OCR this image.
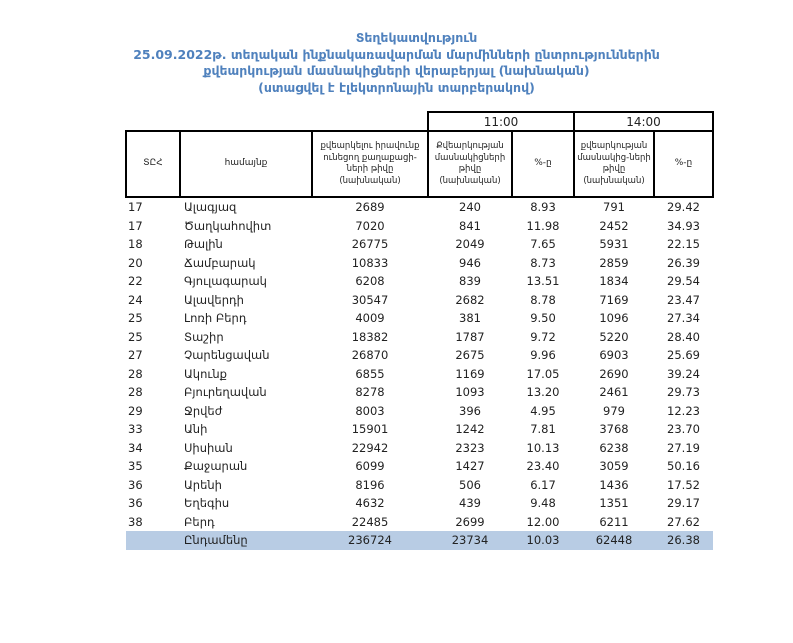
Տեղեկատվություն
25.09.2022թ. տեղական ինքնակառավարման մարմինների ընտրություններին
քվեարկության մասնակիցների վերաբերյալ (նախնական)
(ստացվել է էլեկտրոնային տարբերակով)
			11:00		14:00	
ՏԸՀ	համայնք	քվեարկելու իրավունք ունեցող քաղաքացի-ների թիվը (նախնական)	Քվեարկության մասնակիցների թիվը (նախնական)	%-ը	քվեարկության մասնակից-ների թիվը (նախնական)	%-ը
17	Ալագյազ	2689	240	8.93	791	29.42
17	Ծաղկահովիտ	7020	841	11.98	2452	34.93
18	Թալին	26775	2049	7.65	5931	22.15
20	Ճամբարակ	10833	946	8.73	2859	26.39
22	Գյուլագարակ	6208	839	13.51	1834	29.54
24	Ալավերդի	30547	2682	8.78	7169	23.47
25	Լոռի Բերդ	4009	381	9.50	1096	27.34
25	Տաշիր	18382	1787	9.72	5220	28.40
27	Չարենցավան	26870	2675	9.96	6903	25.69
28	Ակունք	6855	1169	17.05	2690	39.24
28	Բյուրեղավան	8278	1093	13.20	2461	29.73
29	Ջրվեժ	8003	396	4.95	979	12.23
33	Անի	15901	1242	7.81	3768	23.70
34	Սիսիան	22942	2323	10.13	6238	27.19
35	Քաջարան	6099	1427	23.40	3059	50.16
36	Արենի	8196	506	6.17	1436	17.52
36	Եղեգիս	4632	439	9.48	1351	29.17
38	Բերդ	22485	2699	12.00	6211	27.62
	Ընդամենը	236724	23734	10.03	62448	26.38
